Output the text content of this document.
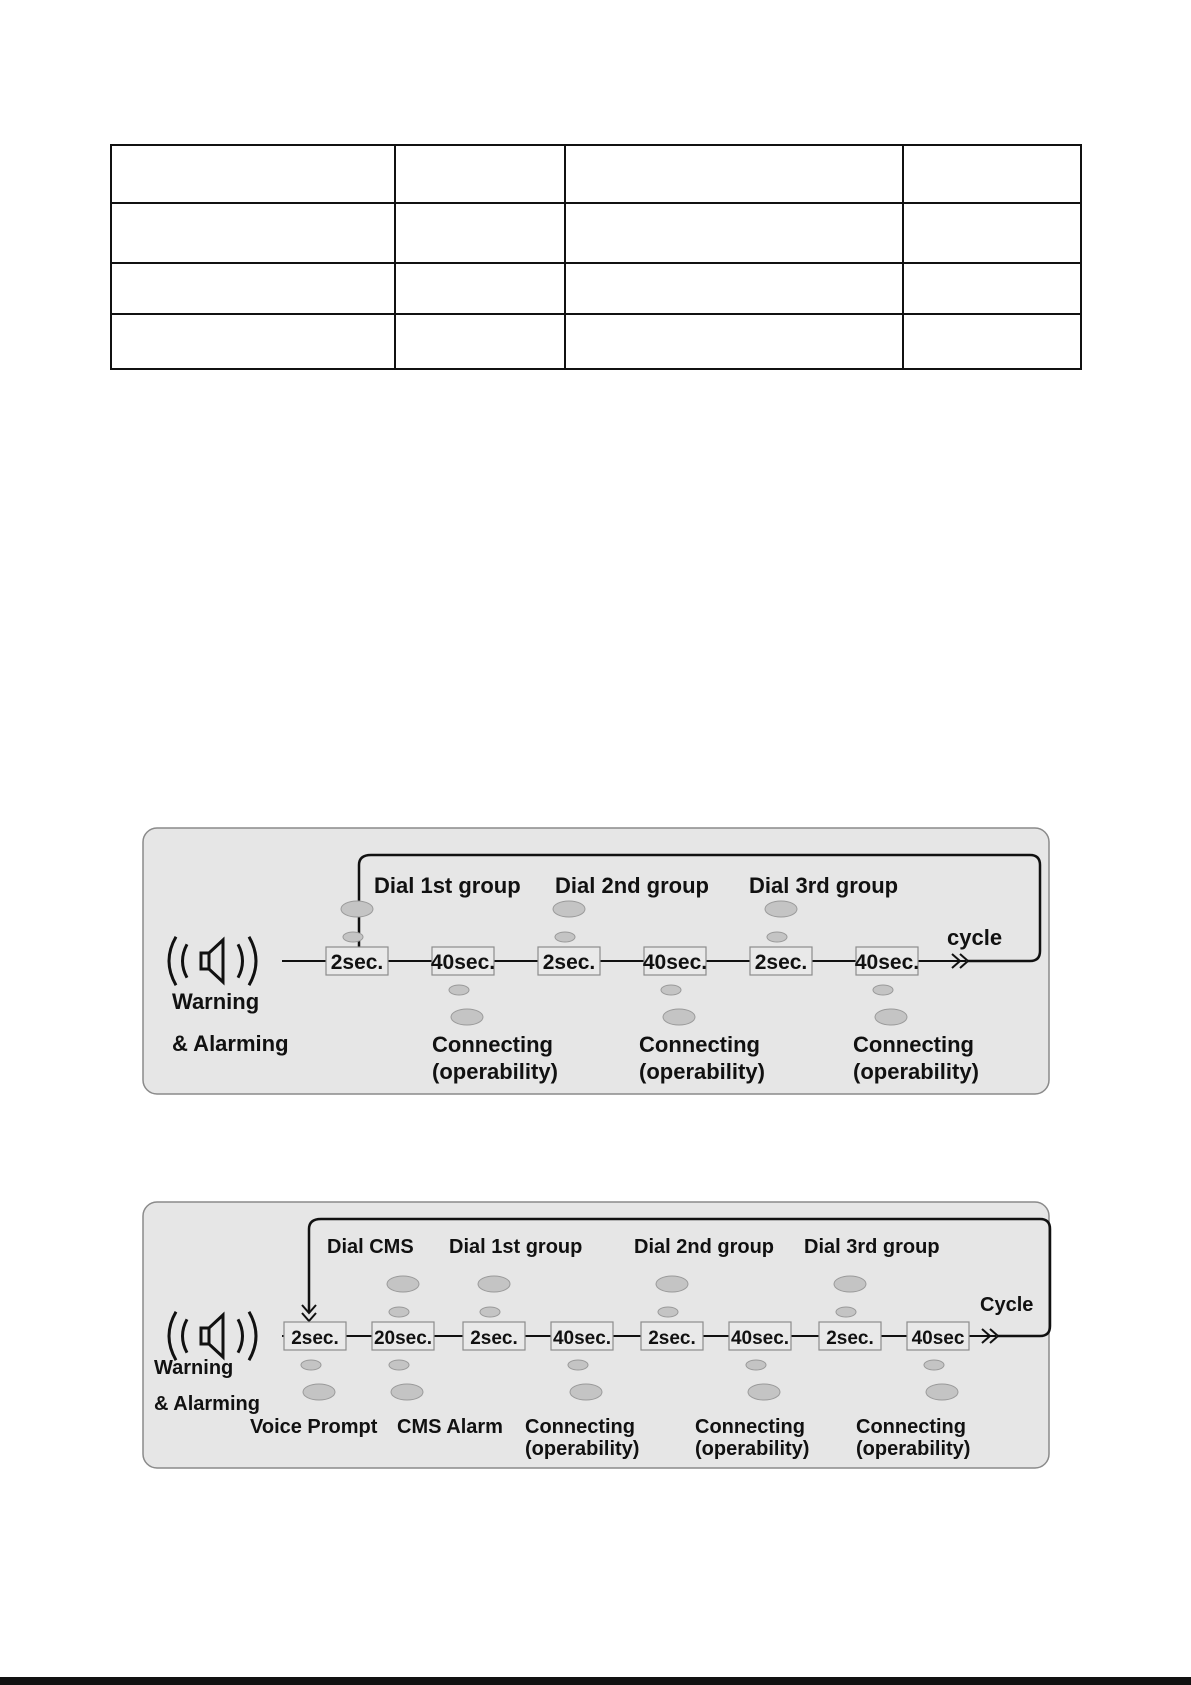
Warning
& Alarming
cycle
2sec.
Dial 1st group
40sec.
Connecting
(operability)
2sec.
Dial 2nd group
40sec.
Connecting
(operability)
2sec.
Dial 3rd group
40sec.
Connecting
(operability)
Warning
& Alarming
Cycle
2sec.
Voice Prompt
20sec.
Dial CMS
CMS Alarm
2sec.
Dial 1st group
40sec.
Connecting
(operability)
2sec.
Dial 2nd group
40sec.
Connecting
(operability)
2sec.
Dial 3rd group
40sec
Connecting
(operability)
